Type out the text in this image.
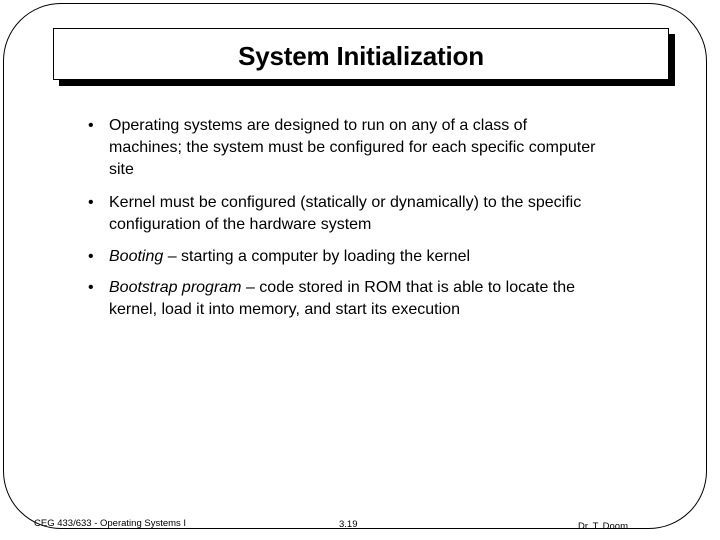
System Initialization
• Operating systems are designed to run on any of a class of machines; the system must be configured for each specific computer site
• Kernel must be configured (statically or dynamically) to the specific configuration of the hardware system
• Booting – starting a computer by loading the kernel
• Bootstrap program – code stored in ROM that is able to locate the kernel, load it into memory, and start its execution
CEG 433/633 - Operating Systems I	3.19	Dr. T. Doom
